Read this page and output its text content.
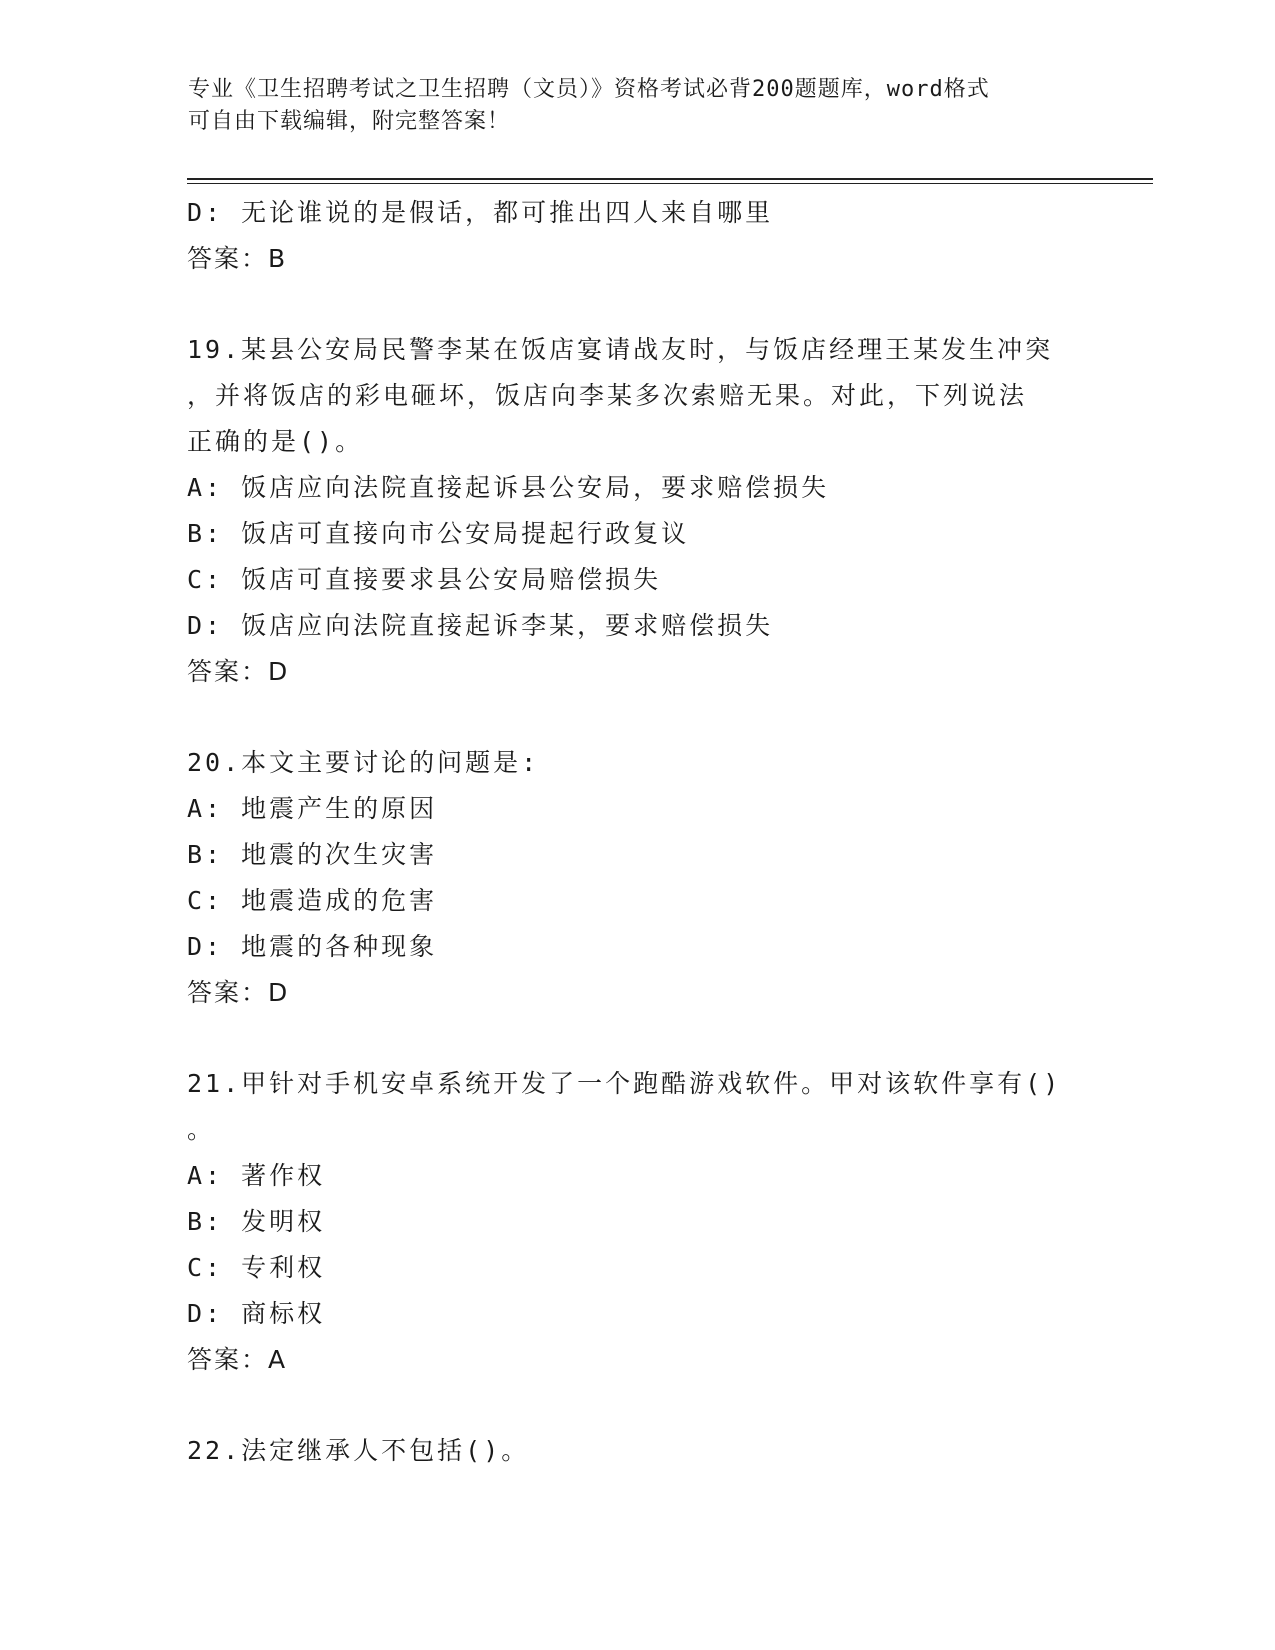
专业《卫生招聘考试之卫生招聘（文员）》资格考试必背200题题库，word格式
可自由下载编辑，附完整答案！
D: 无论谁说的是假话，都可推出四人来自哪里
答案：B
19.某县公安局民警李某在饭店宴请战友时，与饭店经理王某发生冲突
，并将饭店的彩电砸坏，饭店向李某多次索赔无果。对此，下列说法
正确的是()。
A: 饭店应向法院直接起诉县公安局，要求赔偿损失
B: 饭店可直接向市公安局提起行政复议
C: 饭店可直接要求县公安局赔偿损失
D: 饭店应向法院直接起诉李某，要求赔偿损失
答案：D
20.本文主要讨论的问题是:
A: 地震产生的原因
B: 地震的次生灾害
C: 地震造成的危害
D: 地震的各种现象
答案：D
21.甲针对手机安卓系统开发了一个跑酷游戏软件。甲对该软件享有()
。
A: 著作权
B: 发明权
C: 专利权
D: 商标权
答案：A
22.法定继承人不包括()。
